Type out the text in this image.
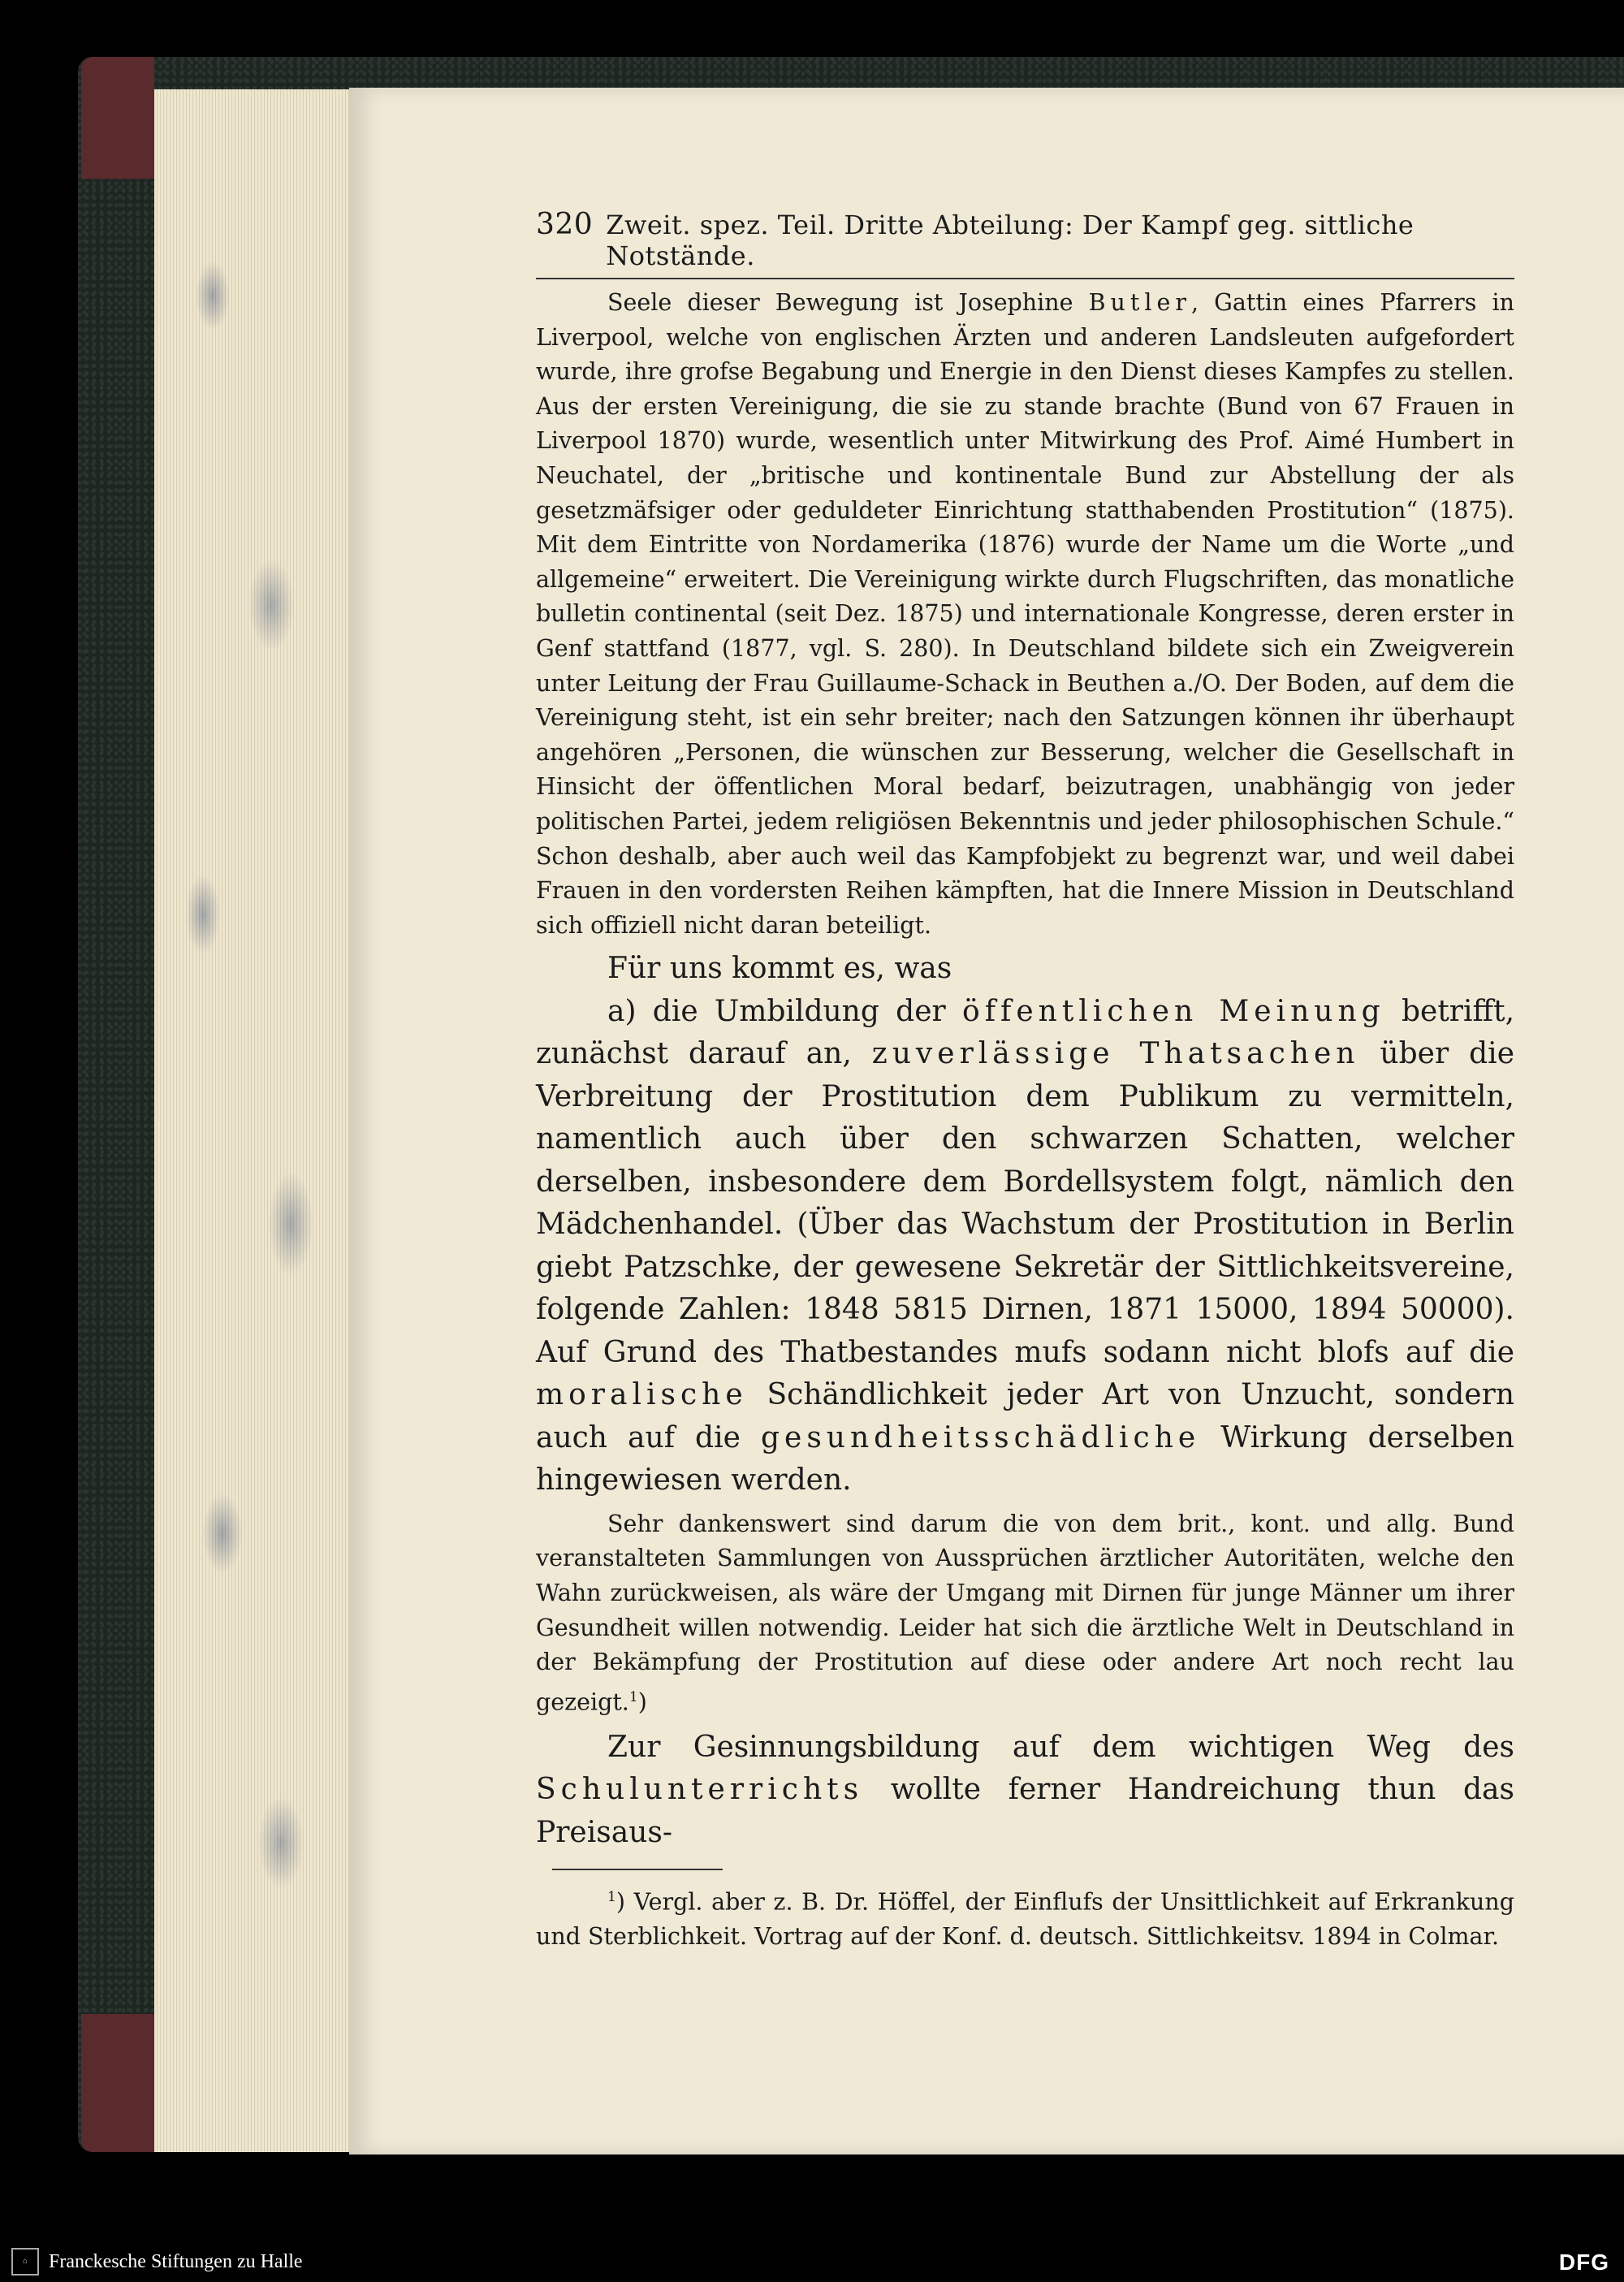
320 Zweit. spez. Teil. Dritte Abteilung: Der Kampf geg. sittliche Notstände.

Seele dieser Bewegung ist Josephine Butler, Gattin eines Pfarrers in Liverpool, welche von englischen Ärzten und anderen Landsleuten aufgefordert wurde, ihre grofse Begabung und Energie in den Dienst dieses Kampfes zu stellen. Aus der ersten Vereinigung, die sie zu stande brachte (Bund von 67 Frauen in Liverpool 1870) wurde, wesentlich unter Mitwirkung des Prof. Aimé Humbert in Neuchatel, der „britische und kontinentale Bund zur Abstellung der als gesetzmäfsiger oder geduldeter Einrichtung statthabenden Prostitution“ (1875). Mit dem Eintritte von Nordamerika (1876) wurde der Name um die Worte „und allgemeine“ erweitert. Die Vereinigung wirkte durch Flugschriften, das monatliche bulletin continental (seit Dez. 1875) und internationale Kongresse, deren erster in Genf stattfand (1877, vgl. S. 280). In Deutschland bildete sich ein Zweigverein unter Leitung der Frau Guillaume-Schack in Beuthen a./O. Der Boden, auf dem die Vereinigung steht, ist ein sehr breiter; nach den Satzungen können ihr überhaupt angehören „Personen, die wünschen zur Besserung, welcher die Gesellschaft in Hinsicht der öffentlichen Moral bedarf, beizutragen, unabhängig von jeder politischen Partei, jedem religiösen Bekenntnis und jeder philosophischen Schule.“ Schon deshalb, aber auch weil das Kampfobjekt zu begrenzt war, und weil dabei Frauen in den vordersten Reihen kämpften, hat die Innere Mission in Deutschland sich offiziell nicht daran beteiligt.

Für uns kommt es, was

a) die Umbildung der öffentlichen Meinung betrifft, zunächst darauf an, zuverlässige Thatsachen über die Verbreitung der Prostitution dem Publikum zu vermitteln, namentlich auch über den schwarzen Schatten, welcher derselben, insbesondere dem Bordellsystem folgt, nämlich den Mädchenhandel. (Über das Wachstum der Prostitution in Berlin giebt Patzschke, der gewesene Sekretär der Sittlichkeitsvereine, folgende Zahlen: 1848 5815 Dirnen, 1871 15000, 1894 50000). Auf Grund des Thatbestandes mufs sodann nicht blofs auf die moralische Schändlichkeit jeder Art von Unzucht, sondern auch auf die gesundheitsschädliche Wirkung derselben hingewiesen werden.

Sehr dankenswert sind darum die von dem brit., kont. und allg. Bund veranstalteten Sammlungen von Aussprüchen ärztlicher Autoritäten, welche den Wahn zurückweisen, als wäre der Umgang mit Dirnen für junge Männer um ihrer Gesundheit willen notwendig. Leider hat sich die ärztliche Welt in Deutschland in der Bekämpfung der Prostitution auf diese oder andere Art noch recht lau gezeigt.$^1$)

Zur Gesinnungsbildung auf dem wichtigen Weg des Schulunterrichts wollte ferner Handreichung thun das Preisaus-

$^1$) Vergl. aber z. B. Dr. Höffel, der Einflufs der Unsittlichkeit auf Erkrankung und Sterblichkeit. Vortrag auf der Konf. d. deutsch. Sittlichkeitsv. 1894 in Colmar.

⌂	Franckesche Stiftungen zu Halle	DFG
